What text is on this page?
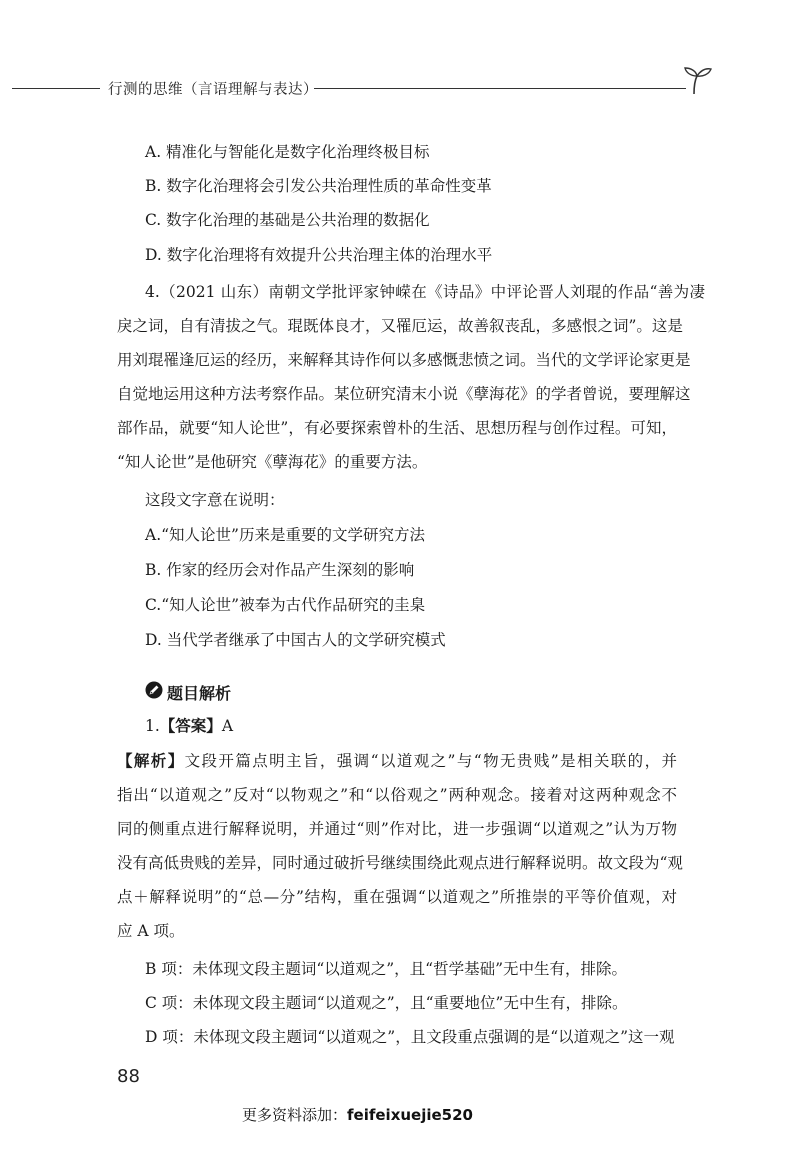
行测的思维（言语理解与表达）
A. 精准化与智能化是数字化治理终极目标
B. 数字化治理将会引发公共治理性质的革命性变革
C. 数字化治理的基础是公共治理的数据化
D. 数字化治理将有效提升公共治理主体的治理水平
4.（2021 山东）南朝文学批评家钟嵘在《诗品》中评论晋人刘琨的作品“善为凄
戾之词，自有清拔之气。琨既体良才，又罹厄运，故善叙丧乱，多感恨之词”。这是
用刘琨罹逢厄运的经历，来解释其诗作何以多感慨悲愤之词。当代的文学评论家更是
自觉地运用这种方法考察作品。某位研究清末小说《孽海花》的学者曾说，要理解这
部作品，就要“知人论世”，有必要探索曾朴的生活、思想历程与创作过程。可知，
“知人论世”是他研究《孽海花》的重要方法。
这段文字意在说明：
A.“知人论世”历来是重要的文学研究方法
B. 作家的经历会对作品产生深刻的影响
C.“知人论世”被奉为古代作品研究的圭臬
D. 当代学者继承了中国古人的文学研究模式
题目解析
1.【答案】A
【解析】文段开篇点明主旨，强调“以道观之”与“物无贵贱”是相关联的，并
指出“以道观之”反对“以物观之”和“以俗观之”两种观念。接着对这两种观念不
同的侧重点进行解释说明，并通过“则”作对比，进一步强调“以道观之”认为万物
没有高低贵贱的差异，同时通过破折号继续围绕此观点进行解释说明。故文段为“观
点＋解释说明”的“总—分”结构，重在强调“以道观之”所推崇的平等价值观，对
应 A 项。
B 项：未体现文段主题词“以道观之”，且“哲学基础”无中生有，排除。
C 项：未体现文段主题词“以道观之”，且“重要地位”无中生有，排除。
D 项：未体现文段主题词“以道观之”，且文段重点强调的是“以道观之”这一观
88
更多资料添加：feifeixuejie520
